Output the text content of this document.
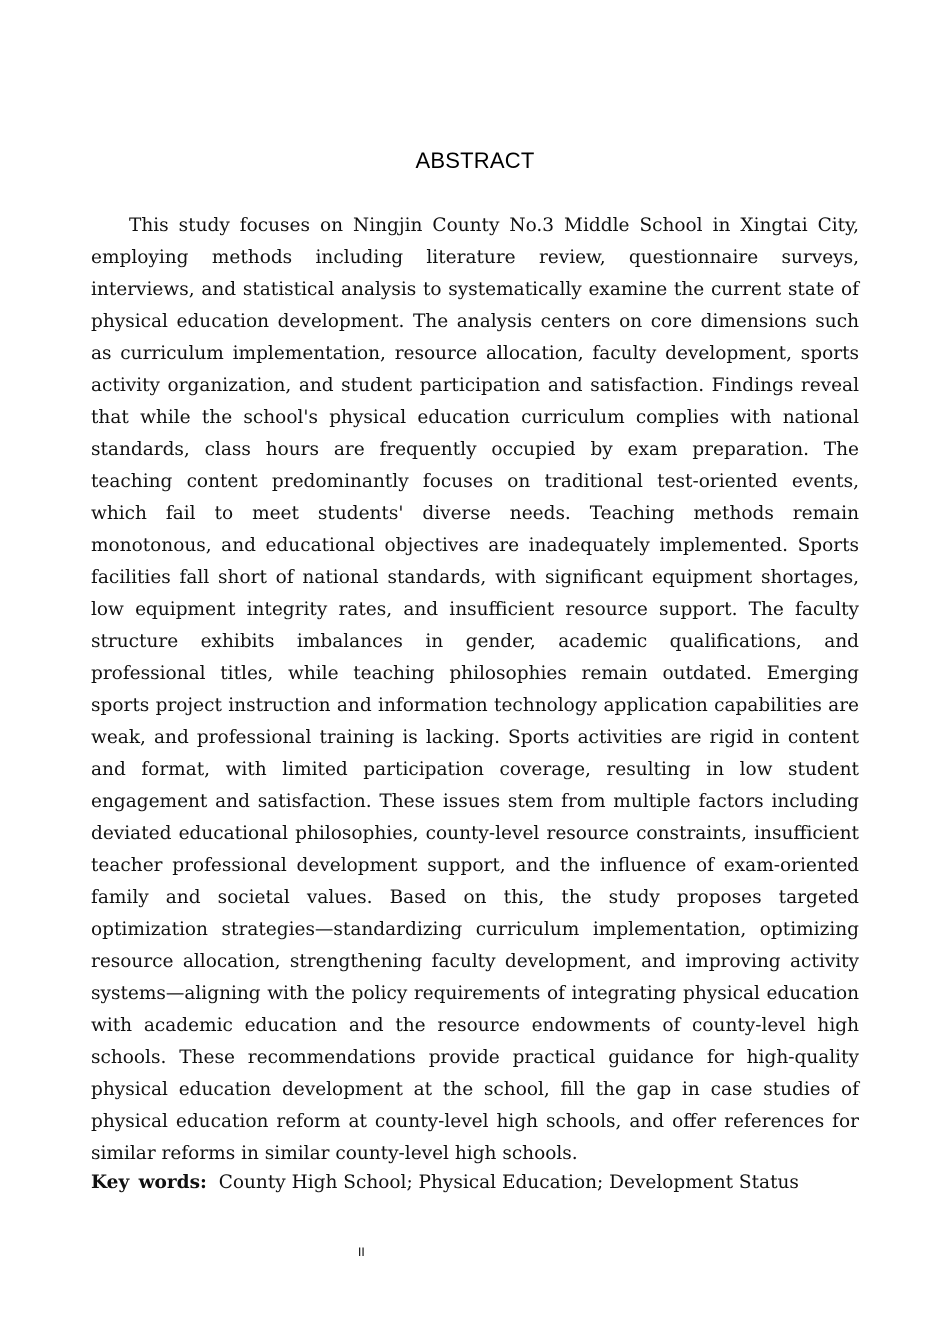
ABSTRACT

This study focuses on Ningjin County No.3 Middle School in Xingtai City, employing methods including literature review, questionnaire surveys, interviews, and statistical analysis to systematically examine the current state of physical education development. The analysis centers on core dimensions such as curriculum implementation, resource allocation, faculty development, sports activity organization, and student participation and satisfaction. Findings reveal that while the school's physical education curriculum complies with national standards, class hours are frequently occupied by exam preparation. The teaching content predominantly focuses on traditional test-oriented events, which fail to meet students' diverse needs. Teaching methods remain monotonous, and educational objectives are inadequately implemented. Sports facilities fall short of national standards, with significant equipment shortages, low equipment integrity rates, and insufficient resource support. The faculty structure exhibits imbalances in gender, academic qualifications, and professional titles, while teaching philosophies remain outdated. Emerging sports project instruction and information technology application capabilities are weak, and professional training is lacking. Sports activities are rigid in content and format, with limited participation coverage, resulting in low student engagement and satisfaction. These issues stem from multiple factors including deviated educational philosophies, county-level resource constraints, insufficient teacher professional development support, and the influence of exam-oriented family and societal values. Based on this, the study proposes targeted optimization strategies—standardizing curriculum implementation, optimizing resource allocation, strengthening faculty development, and improving activity systems—aligning with the policy requirements of integrating physical education with academic education and the resource endowments of county-level high schools. These recommendations provide practical guidance for high-quality physical education development at the school, fill the gap in case studies of physical education reform at county-level high schools, and offer references for similar reforms in similar county-level high schools.

Key words: County High School; Physical Education; Development Status

II
